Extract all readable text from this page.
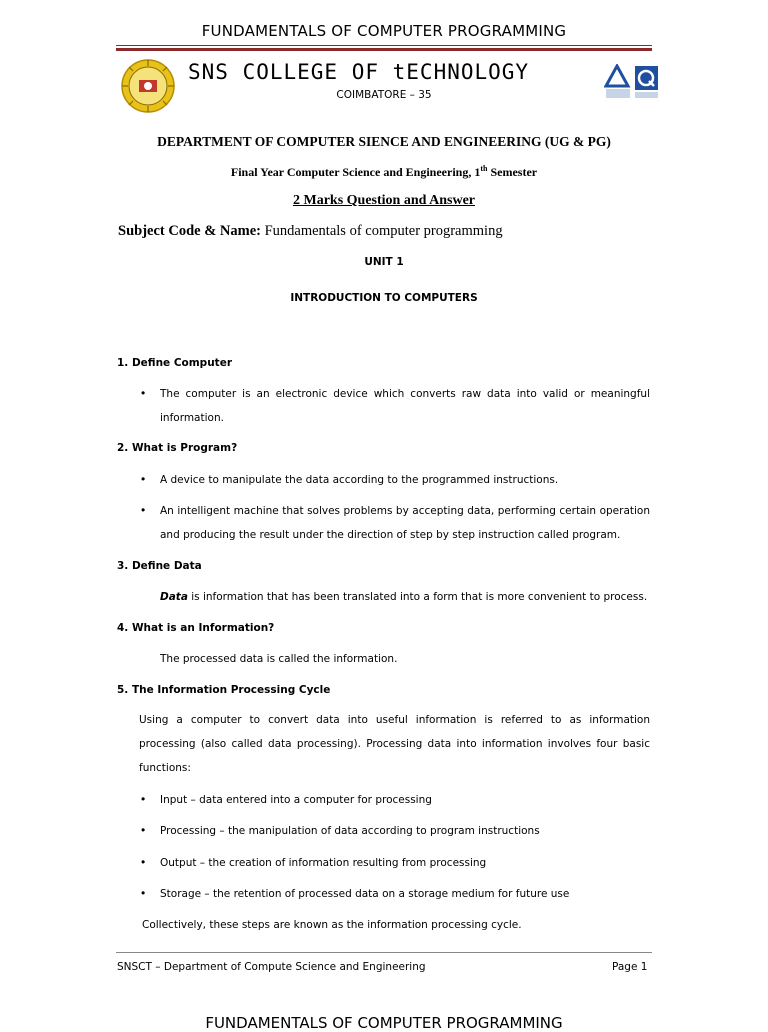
FUNDAMENTALS OF COMPUTER PROGRAMMING
SNS COLLEGE OF tECHNOLOGY
COIMBATORE – 35
DEPARTMENT OF COMPUTER SIENCE AND ENGINEERING (UG & PG)
Final Year Computer Science and Engineering, 1th Semester
2 Marks Question and Answer
Subject Code & Name: Fundamentals of computer programming
UNIT 1
INTRODUCTION TO COMPUTERS
1. Define Computer
• The computer is an electronic device which converts raw data into valid or meaningful
information.
2. What is Program?
• A device to manipulate the data according to the programmed instructions.
• An intelligent machine that solves problems by accepting data, performing certain operation
and producing the result under the direction of step by step instruction called program.
3. Define Data
Data is information that has been translated into a form that is more convenient to process.
4. What is an Information?
The processed data is called the information.
5. The Information Processing Cycle
Using a computer to convert data into useful information is referred to as information
processing (also called data processing). Processing data into information involves four basic
functions:
• Input – data entered into a computer for processing
• Processing – the manipulation of data according to program instructions
• Output – the creation of information resulting from processing
• Storage – the retention of processed data on a storage medium for future use
Collectively, these steps are known as the information processing cycle.
SNSCT – Department of Compute Science and Engineering	Page 1
FUNDAMENTALS OF COMPUTER PROGRAMMING
